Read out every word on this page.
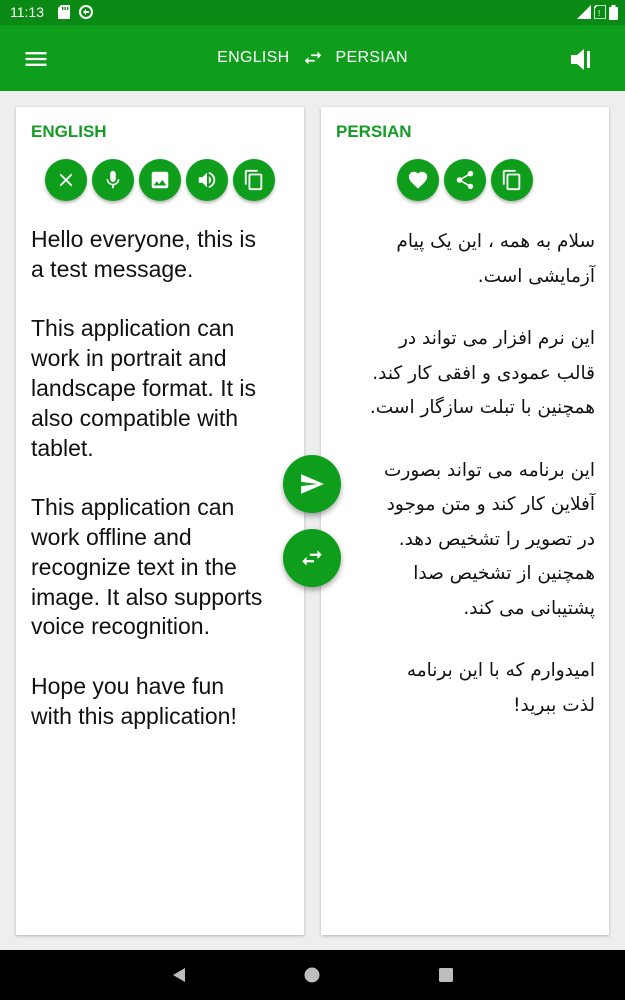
11:13	!
ENGLISH	PERSIAN
ENGLISH

Hello everyone, this is
a test message.

This application can
work in portrait and
landscape format. It is
also compatible with
tablet.

This application can
work offline and
recognize text in the
image. It also supports
voice recognition.

Hope you have fun
with this application!

PERSIAN

سلام به همه ، این یک پیام
آزمایشی است.

این نرم افزار می تواند در
قالب عمودی و افقی کار کند.
همچنین با تبلت سازگار است.

این برنامه می تواند بصورت
آفلاین کار کند و متن موجود
در تصویر را تشخیص دهد.
همچنین از تشخیص صدا
پشتیبانی می کند.

امیدوارم که با این برنامه
لذت ببرید!
